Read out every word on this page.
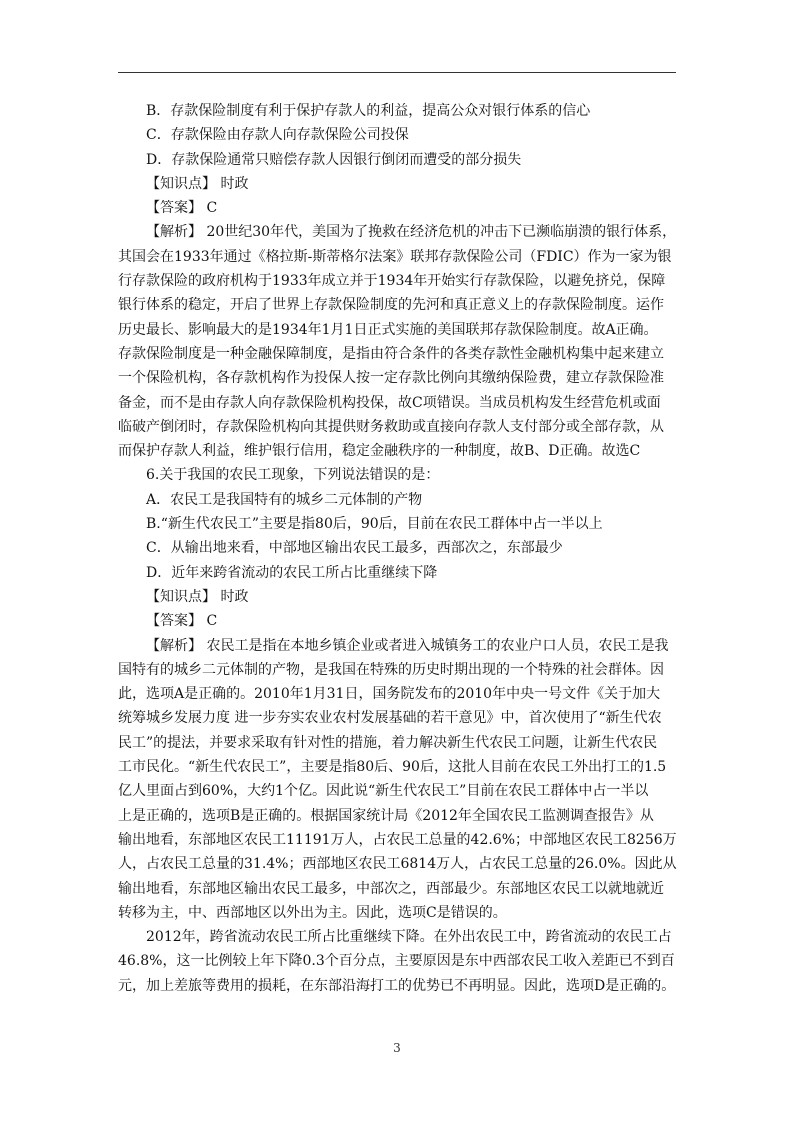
B．存款保险制度有利于保护存款人的利益，提高公众对银行体系的信心
C．存款保险由存款人向存款保险公司投保
D．存款保险通常只赔偿存款人因银行倒闭而遭受的部分损失
【知识点】 时政
【答案】 C
【解析】 20世纪30年代，美国为了挽救在经济危机的冲击下已濒临崩溃的银行体系，
其国会在1933年通过《格拉斯-斯蒂格尔法案》联邦存款保险公司（FDIC）作为一家为银
行存款保险的政府机构于1933年成立并于1934年开始实行存款保险，以避免挤兑，保障
银行体系的稳定，开启了世界上存款保险制度的先河和真正意义上的存款保险制度。运作
历史最长、影响最大的是1934年1月1日正式实施的美国联邦存款保险制度。故A正确。
存款保险制度是一种金融保障制度，是指由符合条件的各类存款性金融机构集中起来建立
一个保险机构，各存款机构作为投保人按一定存款比例向其缴纳保险费，建立存款保险准
备金，而不是由存款人向存款保险机构投保，故C项错误。当成员机构发生经营危机或面
临破产倒闭时，存款保险机构向其提供财务救助或直接向存款人支付部分或全部存款，从
而保护存款人利益，维护银行信用，稳定金融秩序的一种制度，故B、D正确。故选C
6.关于我国的农民工现象，下列说法错误的是：
A．农民工是我国特有的城乡二元体制的产物
B.“新生代农民工”主要是指80后，90后，目前在农民工群体中占一半以上
C．从输出地来看，中部地区输出农民工最多，西部次之，东部最少
D．近年来跨省流动的农民工所占比重继续下降
【知识点】 时政
【答案】 C
【解析】 农民工是指在本地乡镇企业或者进入城镇务工的农业户口人员，农民工是我
国特有的城乡二元体制的产物，是我国在特殊的历史时期出现的一个特殊的社会群体。因
此，选项A是正确的。2010年1月31日，国务院发布的2010年中央一号文件《关于加大
统筹城乡发展力度 进一步夯实农业农村发展基础的若干意见》中，首次使用了“新生代农
民工”的提法，并要求采取有针对性的措施，着力解决新生代农民工问题，让新生代农民
工市民化。“新生代农民工”，主要是指80后、90后，这批人目前在农民工外出打工的1.5
亿人里面占到60%，大约1个亿。因此说“新生代农民工”目前在农民工群体中占一半以
上是正确的，选项B是正确的。根据国家统计局《2012年全国农民工监测调查报告》从
输出地看，东部地区农民工11191万人，占农民工总量的42.6%；中部地区农民工8256万
人，占农民工总量的31.4%；西部地区农民工6814万人，占农民工总量的26.0%。因此从
输出地看，东部地区输出农民工最多，中部次之，西部最少。东部地区农民工以就地就近
转移为主，中、西部地区以外出为主。因此，选项C是错误的。
2012年，跨省流动农民工所占比重继续下降。在外出农民工中，跨省流动的农民工占
46.8%，这一比例较上年下降0.3个百分点，主要原因是东中西部农民工收入差距已不到百
元，加上差旅等费用的损耗，在东部沿海打工的优势已不再明显。因此，选项D是正确的。
3
